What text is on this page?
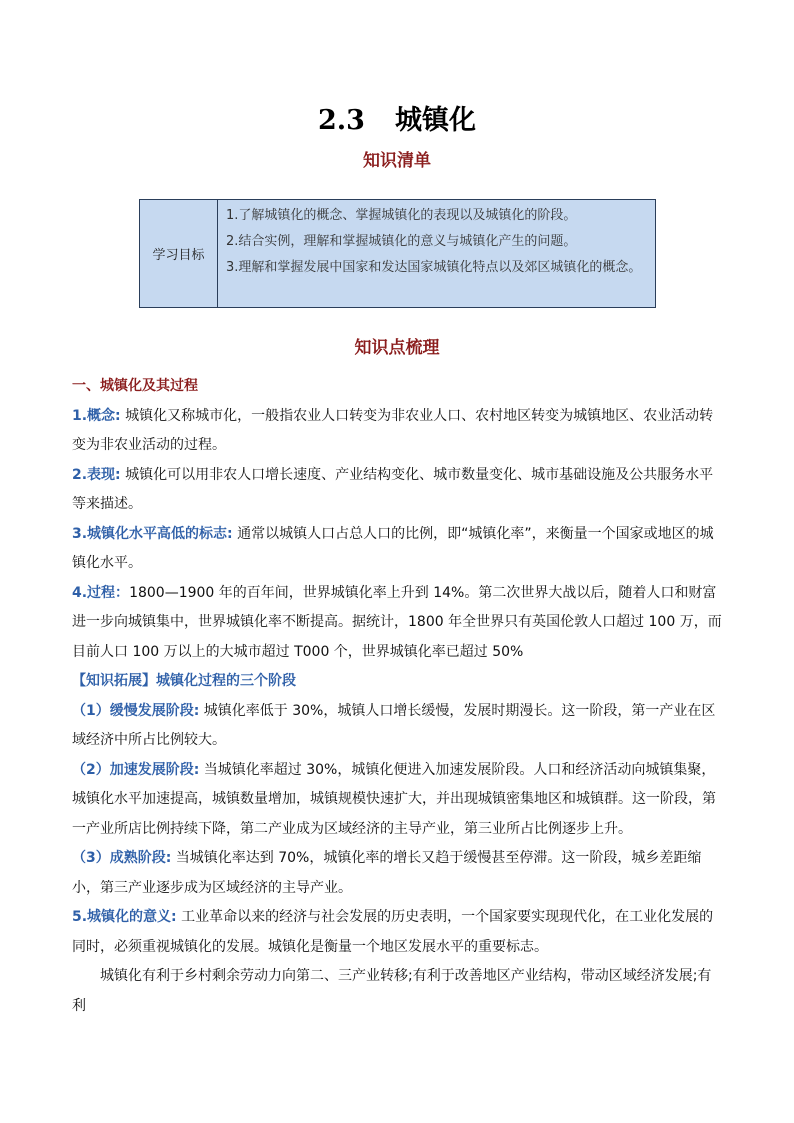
2.3 城镇化
知识清单
学习目标
1.了解城镇化的概念、掌握城镇化的表现以及城镇化的阶段。
2.结合实例，理解和掌握城镇化的意义与城镇化产生的问题。
3.理解和掌握发展中国家和发达国家城镇化特点以及郊区城镇化的概念。
知识点梳理

一、城镇化及其过程

1.概念: 城镇化又称城市化，一般指农业人口转变为非农业人口、农村地区转变为城镇地区、农业活动转变为非农业活动的过程。

2.表现: 城镇化可以用非农人口增长速度、产业结构变化、城市数量变化、城市基础设施及公共服务水平等来描述。

3.城镇化水平高低的标志: 通常以城镇人口占总人口的比例，即“城镇化率”，来衡量一个国家或地区的城镇化水平。

4.过程：1800—1900 年的百年间，世界城镇化率上升到 14%。第二次世界大战以后，随着人口和财富进一步向城镇集中，世界城镇化率不断提高。据统计，1800 年全世界只有英国伦敦人口超过 100 万，而目前人口 100 万以上的大城市超过 T000 个，世界城镇化率已超过 50%

【知识拓展】城镇化过程的三个阶段

（1）缓慢发展阶段: 城镇化率低于 30%，城镇人口增长缓慢，发展时期漫长。这一阶段，第一产业在区域经济中所占比例较大。

（2）加速发展阶段: 当城镇化率超过 30%，城镇化便进入加速发展阶段。人口和经济活动向城镇集聚，城镇化水平加速提高，城镇数量增加，城镇规模快速扩大，并出现城镇密集地区和城镇群。这一阶段，第一产业所店比例持续下降，第二产业成为区域经济的主导产业，第三业所占比例逐步上升。

（3）成熟阶段: 当城镇化率达到 70%，城镇化率的增长又趋于缓慢甚至停滞。这一阶段，城乡差距缩小，第三产业逐步成为区域经济的主导产业。

5.城镇化的意义: 工业革命以来的经济与社会发展的历史表明，一个国家要实现现代化，在工业化发展的同时，必须重视城镇化的发展。城镇化是衡量一个地区发展水平的重要标志。

城镇化有利于乡村剩余劳动力向第二、三产业转移;有利于改善地区产业结构，带动区域经济发展;有利
